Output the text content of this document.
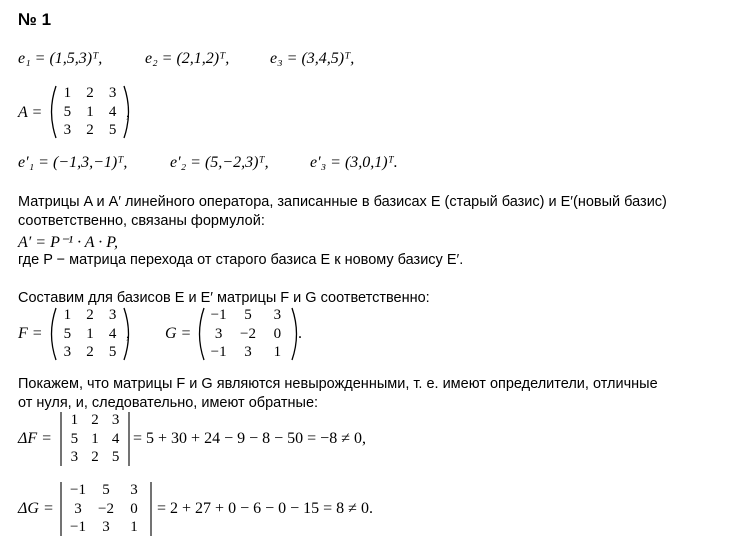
№ 1
e₁ = (1,5,3)ᵀ,	e₂ = (2,1,2)ᵀ,	e₃ = (3,4,5)ᵀ,
A =
1	2	3
5	1	4
3	2	5
,
e′₁ = (−1,3,−1)ᵀ,	e′₂ = (5,−2,3)ᵀ,	e′₃ = (3,0,1)ᵀ.
Матрицы A и A′ линейного оператора, записанные в базисах E (старый базис) и E′(новый базис)
соответственно, связаны формулой:
A′ = P⁻¹ · A · P,
где P − матрица перехода от старого базиса E к новому базису E′.
Составим для базисов E и E′ матрицы F и G соответственно:
F =
1	2	3
5	1	4
3	2	5
, G =
−1	5	3
3	−2	0
−1	3	1
.
Покажем, что матрицы F и G являются невырожденными, т. е. имеют определители, отличные
от нуля, и, следовательно, имеют обратные:
ΔF =
1 2 3
5 1 4
3 2 5
= 5 + 30 + 24 − 9 − 8 − 50 = −8 ≠ 0,
ΔG =
−1	5	3
3	−2	0
−1	3	1
= 2 + 27 + 0 − 6 − 0 − 15 = 8 ≠ 0.
